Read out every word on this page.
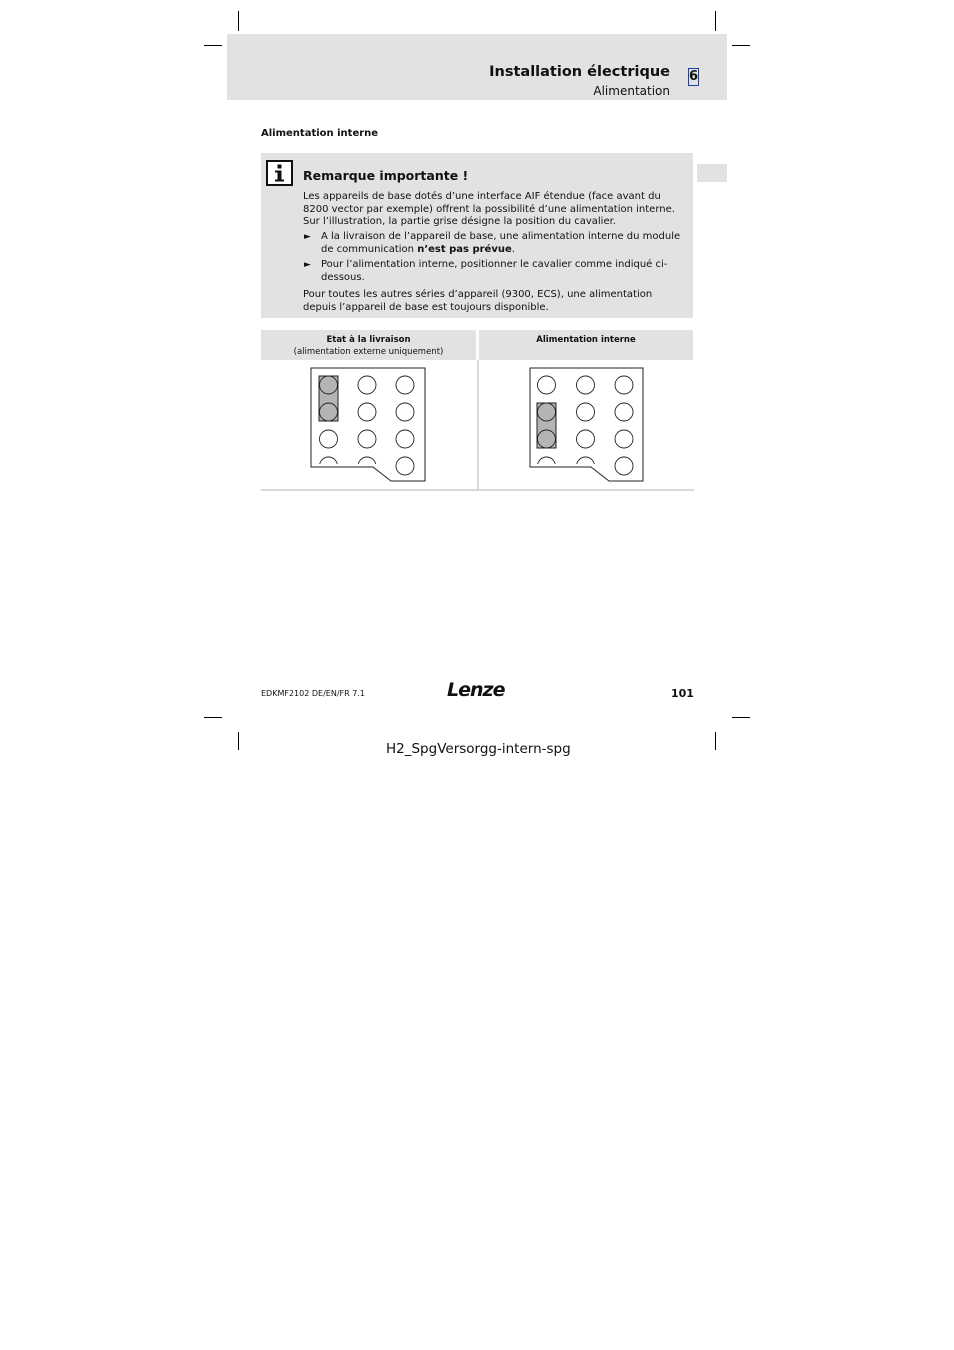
Installation électrique
Alimentation
6
Alimentation interne
Remarque importante !
Les appareils de base dotés d’une interface AIF étendue (face avant du 8200 vector par exemple) offrent la possibilité d’une alimentation interne. Sur l’illustration, la partie grise désigne la position du cavalier.
► A la livraison de l’appareil de base, une alimentation interne du module de communication n’est pas prévue.
► Pour l’alimentation interne, positionner le cavalier comme indiqué ci-dessous.
Pour toutes les autres séries d’appareil (9300, ECS), une alimentation depuis l’appareil de base est toujours disponible.
Etat à la livraison
(alimentation externe uniquement)
Alimentation interne
EDKMF2102 DE/EN/FR 7.1	Lenze	101
H2_SpgVersorgg-intern-spg
